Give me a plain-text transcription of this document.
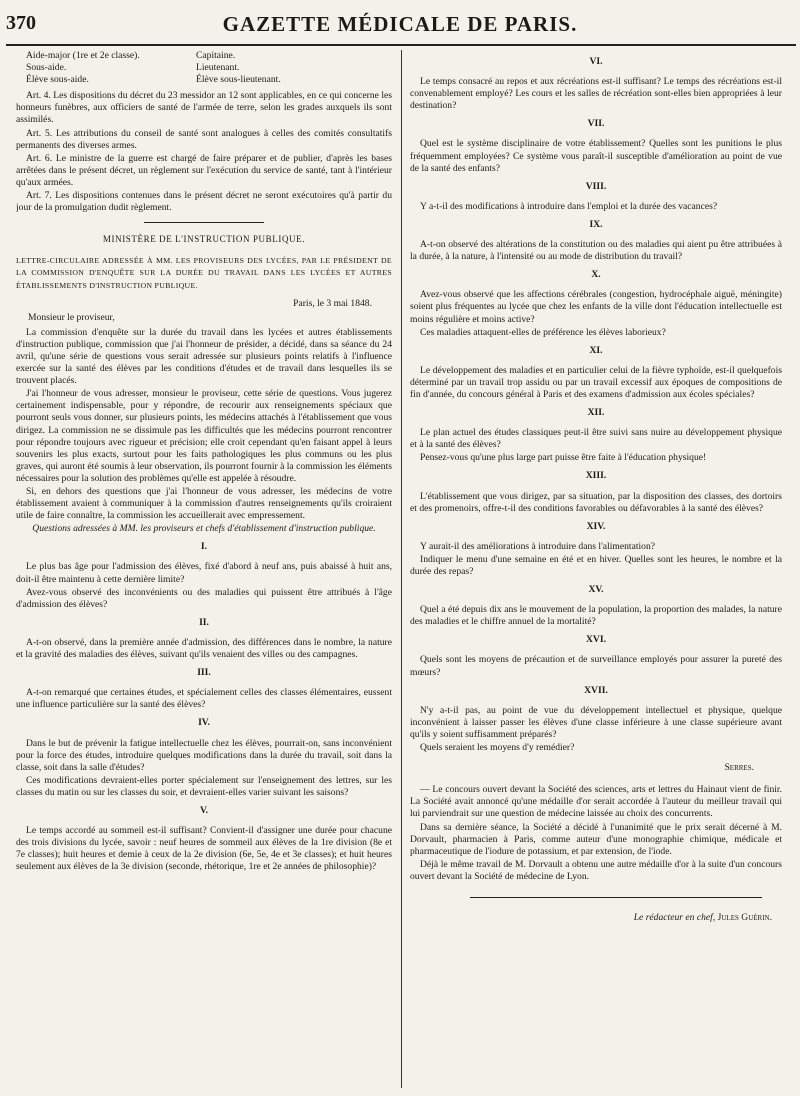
370	GAZETTE MÉDICALE DE PARIS.
Aide-major (1re et 2e classe).	Capitaine.
Sous-aide.	Lieutenant.
Élève sous-aide.	Élève sous-lieutenant.

Art. 4. Les dispositions du décret du 23 messidor an 12 sont applicables, en ce qui concerne les honneurs funèbres, aux officiers de santé de l'armée de terre, selon les grades auxquels ils sont assimilés.

Art. 5. Les attributions du conseil de santé sont analogues à celles des comités consultatifs permanents des diverses armes.

Art. 6. Le ministre de la guerre est chargé de faire préparer et de publier, d'après les bases arrêtées dans le présent décret, un règlement sur l'exécution du service de santé, tant à l'intérieur qu'aux armées.

Art. 7. Les dispositions contenues dans le présent décret ne seront exécutoires qu'à partir du jour de la promulgation dudit règlement.

MINISTÈRE DE L'INSTRUCTION PUBLIQUE.

LETTRE-CIRCULAIRE ADRESSÉE À MM. LES PROVISEURS DES LYCÉES, PAR LE PRÉSIDENT DE LA COMMISSION D'ENQUÊTE SUR LA DURÉE DU TRAVAIL DANS LES LYCÉES ET AUTRES ÉTABLISSEMENTS D'INSTRUCTION PUBLIQUE.

Paris, le 3 mai 1848.
Monsieur le proviseur,

La commission d'enquête sur la durée du travail dans les lycées et autres établissements d'instruction publique, commission que j'ai l'honneur de présider, a décidé, dans sa séance du 24 avril, qu'une série de questions vous serait adressée sur plusieurs points relatifs à l'influence exercée sur la santé des élèves par les conditions d'études et de travail dans lesquelles ils se trouvent placés.

J'ai l'honneur de vous adresser, monsieur le proviseur, cette série de questions. Vous jugerez certainement indispensable, pour y répondre, de recourir aux renseignements spéciaux que pourront seuls vous donner, sur plusieurs points, les médecins attachés à l'établissement que vous dirigez. La commission ne se dissimule pas les difficultés que les médecins pourront rencontrer pour répondre toujours avec rigueur et précision; elle croit cependant qu'en faisant appel à leurs souvenirs les plus exacts, surtout pour les faits pathologiques les plus communs ou les plus graves, qui auront été soumis à leur observation, ils pourront fournir à la commission les éléments nécessaires pour la solution des problèmes qu'elle est appelée à résoudre.

Si, en dehors des questions que j'ai l'honneur de vous adresser, les médecins de votre établissement avaient à communiquer à la commission d'autres renseignements qu'ils croiraient utile de faire connaître, la commission les accueillerait avec empressement.

Questions adressées à MM. les proviseurs et chefs d'établissement d'instruction publique.

I.

Le plus bas âge pour l'admission des élèves, fixé d'abord à neuf ans, puis abaissé à huit ans, doit-il être maintenu à cette dernière limite?

Avez-vous observé des inconvénients ou des maladies qui puissent être attribués à l'âge d'admission des élèves?

II.

A-t-on observé, dans la première année d'admission, des différences dans le nombre, la nature et la gravité des maladies des élèves, suivant qu'ils venaient des villes ou des campagnes.

III.

A-t-on remarqué que certaines études, et spécialement celles des classes élémentaires, eussent une influence particulière sur la santé des élèves?

IV.

Dans le but de prévenir la fatigue intellectuelle chez les élèves, pourrait-on, sans inconvénient pour la force des études, introduire quelques modifications dans la durée du travail, soit dans la classe, soit dans la salle d'études?

Ces modifications devraient-elles porter spécialement sur l'enseignement des lettres, sur les classes du matin ou sur les classes du soir, et devraient-elles varier suivant les saisons?

V.

Le temps accordé au sommeil est-il suffisant? Convient-il d'assigner une durée pour chacune des trois divisions du lycée, savoir : neuf heures de sommeil aux élèves de la 1re division (8e et 7e classes); huit heures et demie à ceux de la 2e division (6e, 5e, 4e et 3e classes); et huit heures seulement aux élèves de la 3e division (seconde, rhétorique, 1re et 2e années de philosophie)?

VI.

Le temps consacré au repos et aux récréations est-il suffisant? Le temps des récréations est-il convenablement employé? Les cours et les salles de récréation sont-elles bien appropriées à leur destination?

VII.

Quel est le système disciplinaire de votre établissement? Quelles sont les punitions le plus fréquemment employées? Ce système vous paraît-il susceptible d'amélioration au point de vue de la santé des enfants?

VIII.

Y a-t-il des modifications à introduire dans l'emploi et la durée des vacances?

IX.

A-t-on observé des altérations de la constitution ou des maladies qui aient pu être attribuées à la durée, à la nature, à l'intensité ou au mode de distribution du travail?

X.

Avez-vous observé que les affections cérébrales (congestion, hydrocéphale aiguë, méningite) soient plus fréquentes au lycée que chez les enfants de la ville dont l'éducation intellectuelle est moins régulière et moins active?

Ces maladies attaquent-elles de préférence les élèves laborieux?

XI.

Le développement des maladies et en particulier celui de la fièvre typhoïde, est-il quelquefois déterminé par un travail trop assidu ou par un travail excessif aux époques de compositions de fin d'année, du concours général à Paris et des examens d'admission aux écoles spéciales?

XII.

Le plan actuel des études classiques peut-il être suivi sans nuire au développement physique et à la santé des élèves?

Pensez-vous qu'une plus large part puisse être faite à l'éducation physique!

XIII.

L'établissement que vous dirigez, par sa situation, par la disposition des classes, des dortoirs et des promenoirs, offre-t-il des conditions favorables ou défavorables à la santé des élèves?

XIV.

Y aurait-il des améliorations à introduire dans l'alimentation?

Indiquer le menu d'une semaine en été et en hiver. Quelles sont les heures, le nombre et la durée des repas?

XV.

Quel a été depuis dix ans le mouvement de la population, la proportion des malades, la nature des maladies et le chiffre annuel de la mortalité?

XVI.

Quels sont les moyens de précaution et de surveillance employés pour assurer la pureté des mœurs?

XVII.

N'y a-t-il pas, au point de vue du développement intellectuel et physique, quelque inconvénient à laisser passer les élèves d'une classe inférieure à une classe supérieure avant qu'ils y soient suffisamment préparés?

Quels seraient les moyens d'y remédier?

Serres.

— Le concours ouvert devant la Société des sciences, arts et lettres du Hainaut vient de finir. La Société avait annoncé qu'une médaille d'or serait accordée à l'auteur du meilleur travail qui lui parviendrait sur une question de médecine laissée au choix des concurrents.

Dans sa dernière séance, la Société a décidé à l'unanimité que le prix serait décerné à M. Dorvault, pharmacien à Paris, comme auteur d'une monographie chimique, médicale et pharmaceutique de l'iodure de potassium, et par extension, de l'iode.

Déjà le même travail de M. Dorvault a obtenu une autre médaille d'or à la suite d'un concours ouvert devant la Société de médecine de Lyon.

Le rédacteur en chef, Jules Guérin.
